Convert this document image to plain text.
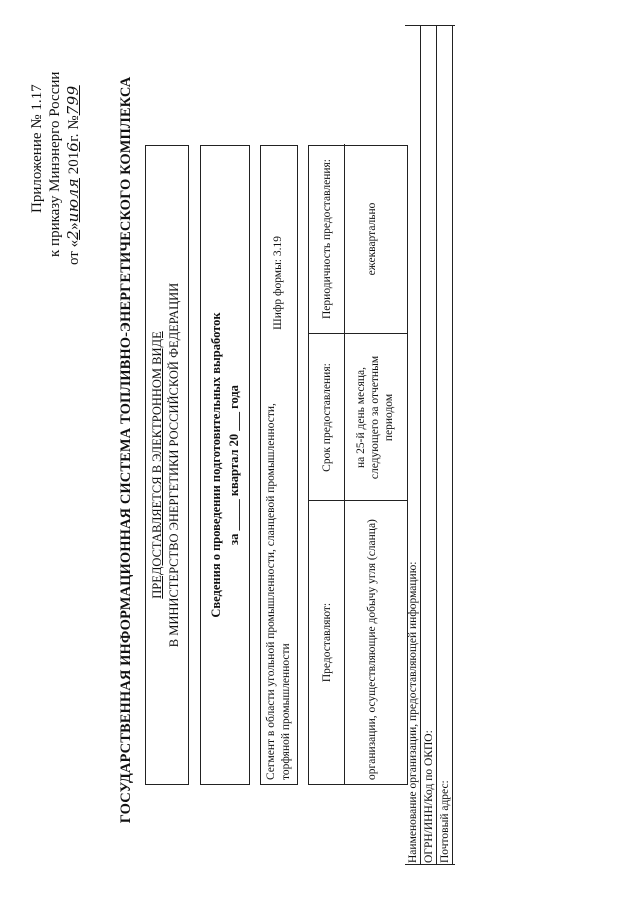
Приложение № 1.17 к приказу Минэнерго России от «2»июля 2016г. №799 ГОСУДАРСТВЕННАЯ ИНФОРМАЦИОННАЯ СИСТЕМА ТОПЛИВНО-ЭНЕРГЕТИЧЕСКОГО КОМПЛЕКСА ПРЕДОСТАВЛЯЕТСЯ В ЭЛЕКТРОННОМ ВИДЕ В МИНИСТЕРСТВО ЭНЕРГЕТИКИ РОССИЙСКОЙ ФЕДЕРАЦИИ	Сведения о проведении подготовительных выработок за _____ квартал 20 ___ года Сегмент в области угольной промышленности, сланцевой промышленности, торфяной промышленности
Шифр формы: 3.19
Предоставляют:
Срок предоставления:
Периодичность предоставления:
организации, осуществляющие добычу угля (сланца)
на 25-й день месяца, следующего за отчетным периодом
ежеквартально
Наименование организации, предоставляющей информацию: ОГРН/ИНН/Код по ОКПО: Почтовый адрес:
